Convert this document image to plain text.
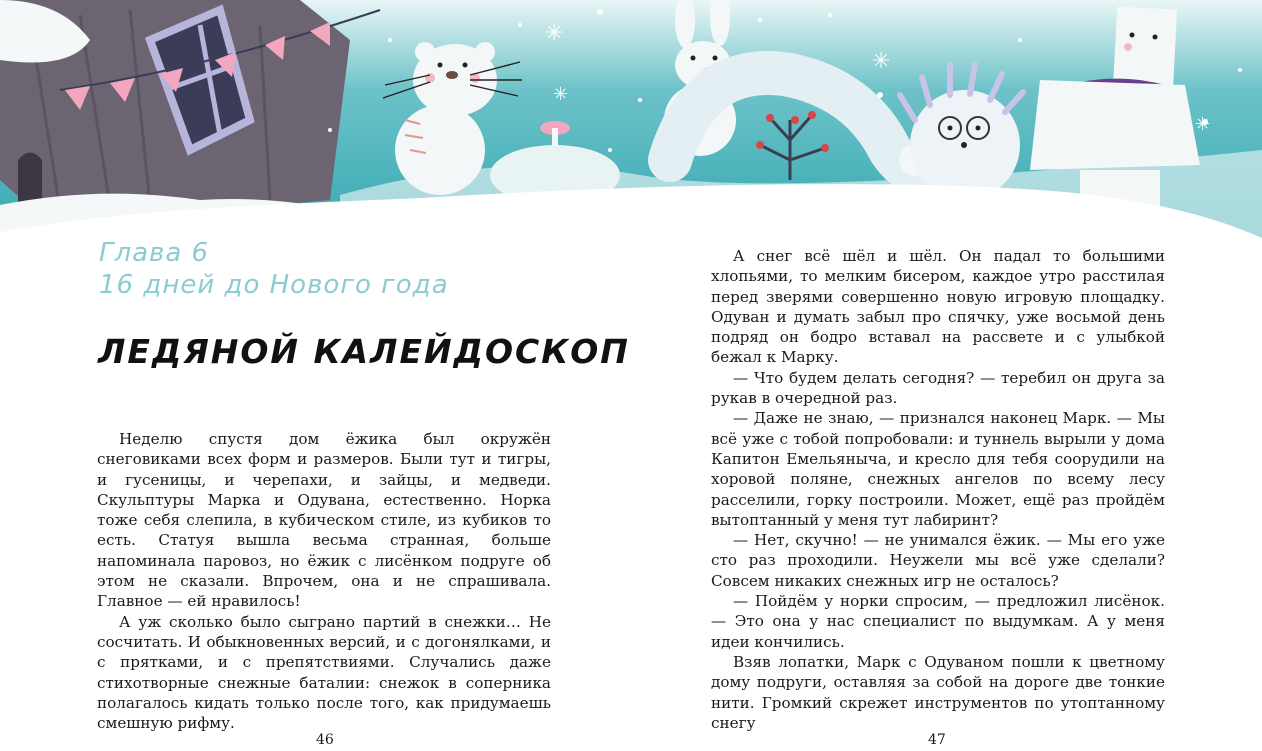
✳
✳
✳
✳
Глава 6
16 дней до Нового года
ЛЕДЯНОЙ КАЛЕЙДОСКОП

Неделю спустя дом ёжика был окружён снеговиками всех форм и размеров. Были тут и тигры, и гусеницы, и черепахи, и зайцы, и медведи. Скульптуры Марка и Одувана, естественно. Норка тоже себя слепила, в кубическом стиле, из кубиков то есть. Статуя вышла весьма странная, больше напоминала паровоз, но ёжик с лисёнком подруге об этом не сказали. Впрочем, она и не спрашивала. Главное — ей нравилось!

А уж сколько было сыграно партий в снежки… Не сосчитать. И обыкновенных версий, и с догонялками, и с прятками, и с препятствиями. Случались даже стихотворные снежные баталии: снежок в соперника полагалось кидать только после того, как придумаешь смешную рифму.

А снег всё шёл и шёл. Он падал то большими хлопьями, то мелким бисером, каждое утро расстилая перед зверями совершенно новую игровую площадку. Одуван и думать забыл про спячку, уже восьмой день подряд он бодро вставал на рассвете и с улыбкой бежал к Марку.

— Что будем делать сегодня? — теребил он друга за рукав в очередной раз.

— Даже не знаю, — признался наконец Марк. — Мы всё уже с тобой попробовали: и туннель вырыли у дома Капитон Емельяныча, и кресло для тебя соорудили на хоровой поляне, снежных ангелов по всему лесу расселили, горку построили. Может, ещё раз пройдём вытоптанный у меня тут лабиринт?

— Нет, скучно! — не унимался ёжик. — Мы его уже сто раз проходили. Неужели мы всё уже сделали? Совсем никаких снежных игр не осталось?

— Пойдём у норки спросим, — предложил лисёнок. — Это она у нас специалист по выдумкам. А у меня идеи кончились.

Взяв лопатки, Марк с Одуваном пошли к цветному дому подруги, оставляя за собой на дороге две тонкие нити. Громкий скрежет инструментов по утоптанному снегу

46	47
